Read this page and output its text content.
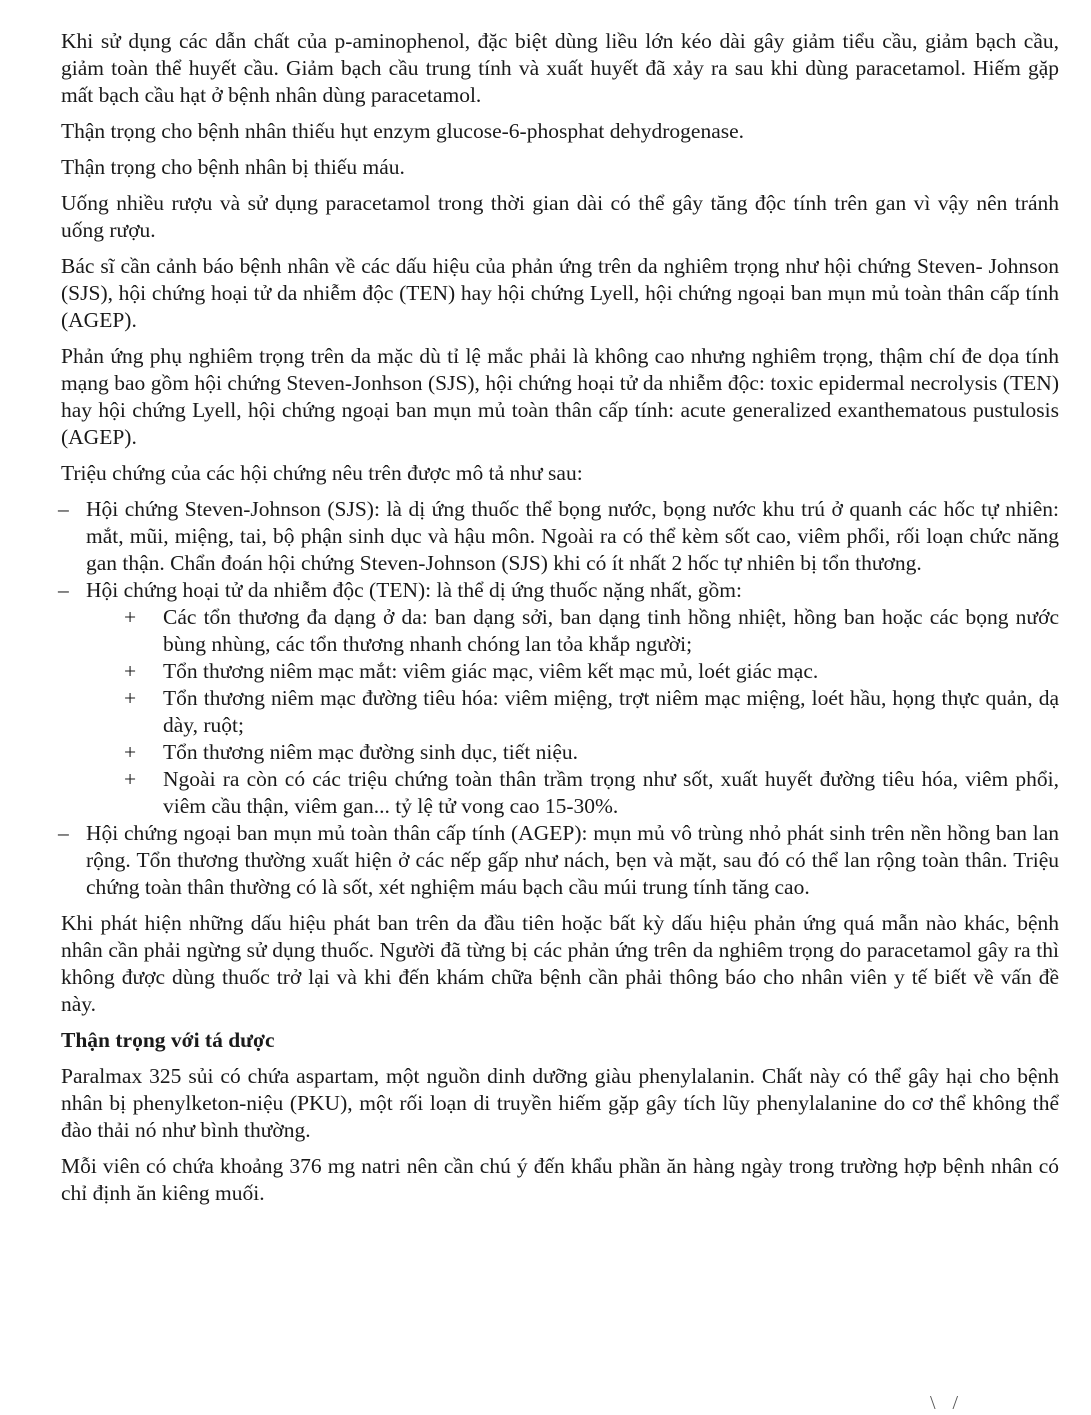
Khi sử dụng các dẫn chất của p-aminophenol, đặc biệt dùng liều lớn kéo dài gây giảm tiểu cầu, giảm bạch cầu, giảm toàn thể huyết cầu. Giảm bạch cầu trung tính và xuất huyết đã xảy ra sau khi dùng paracetamol. Hiếm gặp mất bạch cầu hạt ở bệnh nhân dùng paracetamol.

Thận trọng cho bệnh nhân thiếu hụt enzym glucose-6-phosphat dehydrogenase.

Thận trọng cho bệnh nhân bị thiếu máu.

Uống nhiều rượu và sử dụng paracetamol trong thời gian dài có thể gây tăng độc tính trên gan vì vậy nên tránh uống rượu.

Bác sĩ cần cảnh báo bệnh nhân về các dấu hiệu của phản ứng trên da nghiêm trọng như hội chứng Steven- Johnson (SJS), hội chứng hoại tử da nhiễm độc (TEN) hay hội chứng Lyell, hội chứng ngoại ban mụn mủ toàn thân cấp tính (AGEP).

Phản ứng phụ nghiêm trọng trên da mặc dù tỉ lệ mắc phải là không cao nhưng nghiêm trọng, thậm chí đe dọa tính mạng bao gồm hội chứng Steven-Jonhson (SJS), hội chứng hoại tử da nhiễm độc: toxic epidermal necrolysis (TEN) hay hội chứng Lyell, hội chứng ngoại ban mụn mủ toàn thân cấp tính: acute generalized exanthematous pustulosis (AGEP).

Triệu chứng của các hội chứng nêu trên được mô tả như sau:

– Hội chứng Steven-Johnson (SJS): là dị ứng thuốc thể bọng nước, bọng nước khu trú ở quanh các hốc tự nhiên: mắt, mũi, miệng, tai, bộ phận sinh dục và hậu môn. Ngoài ra có thể kèm sốt cao, viêm phổi, rối loạn chức năng gan thận. Chẩn đoán hội chứng Steven-Johnson (SJS) khi có ít nhất 2 hốc tự nhiên bị tổn thương.
– Hội chứng hoại tử da nhiễm độc (TEN): là thể dị ứng thuốc nặng nhất, gồm:
+ Các tổn thương đa dạng ở da: ban dạng sởi, ban dạng tinh hồng nhiệt, hồng ban hoặc các bọng nước bùng nhùng, các tổn thương nhanh chóng lan tỏa khắp người;
+ Tổn thương niêm mạc mắt: viêm giác mạc, viêm kết mạc mủ, loét giác mạc.
+ Tổn thương niêm mạc đường tiêu hóa: viêm miệng, trợt niêm mạc miệng, loét hầu, họng thực quản, dạ dày, ruột;
+ Tổn thương niêm mạc đường sinh dục, tiết niệu.
+ Ngoài ra còn có các triệu chứng toàn thân trầm trọng như sốt, xuất huyết đường tiêu hóa, viêm phổi, viêm cầu thận, viêm gan... tỷ lệ tử vong cao 15-30%.
– Hội chứng ngoại ban mụn mủ toàn thân cấp tính (AGEP): mụn mủ vô trùng nhỏ phát sinh trên nền hồng ban lan rộng. Tổn thương thường xuất hiện ở các nếp gấp như nách, bẹn và mặt, sau đó có thể lan rộng toàn thân. Triệu chứng toàn thân thường có là sốt, xét nghiệm máu bạch cầu múi trung tính tăng cao.

Khi phát hiện những dấu hiệu phát ban trên da đầu tiên hoặc bất kỳ dấu hiệu phản ứng quá mẫn nào khác, bệnh nhân cần phải ngừng sử dụng thuốc. Người đã từng bị các phản ứng trên da nghiêm trọng do paracetamol gây ra thì không được dùng thuốc trở lại và khi đến khám chữa bệnh cần phải thông báo cho nhân viên y tế biết về vấn đề này.

Thận trọng với tá dược

Paralmax 325 sủi có chứa aspartam, một nguồn dinh dưỡng giàu phenylalanin. Chất này có thể gây hại cho bệnh nhân bị phenylketon-niệu (PKU), một rối loạn di truyền hiếm gặp gây tích lũy phenylalanine do cơ thể không thể đào thải nó như bình thường.

Mỗi viên có chứa khoảng 376 mg natri nên cần chú ý đến khẩu phần ăn hàng ngày trong trường hợp bệnh nhân có chỉ định ăn kiêng muối.

\ /
